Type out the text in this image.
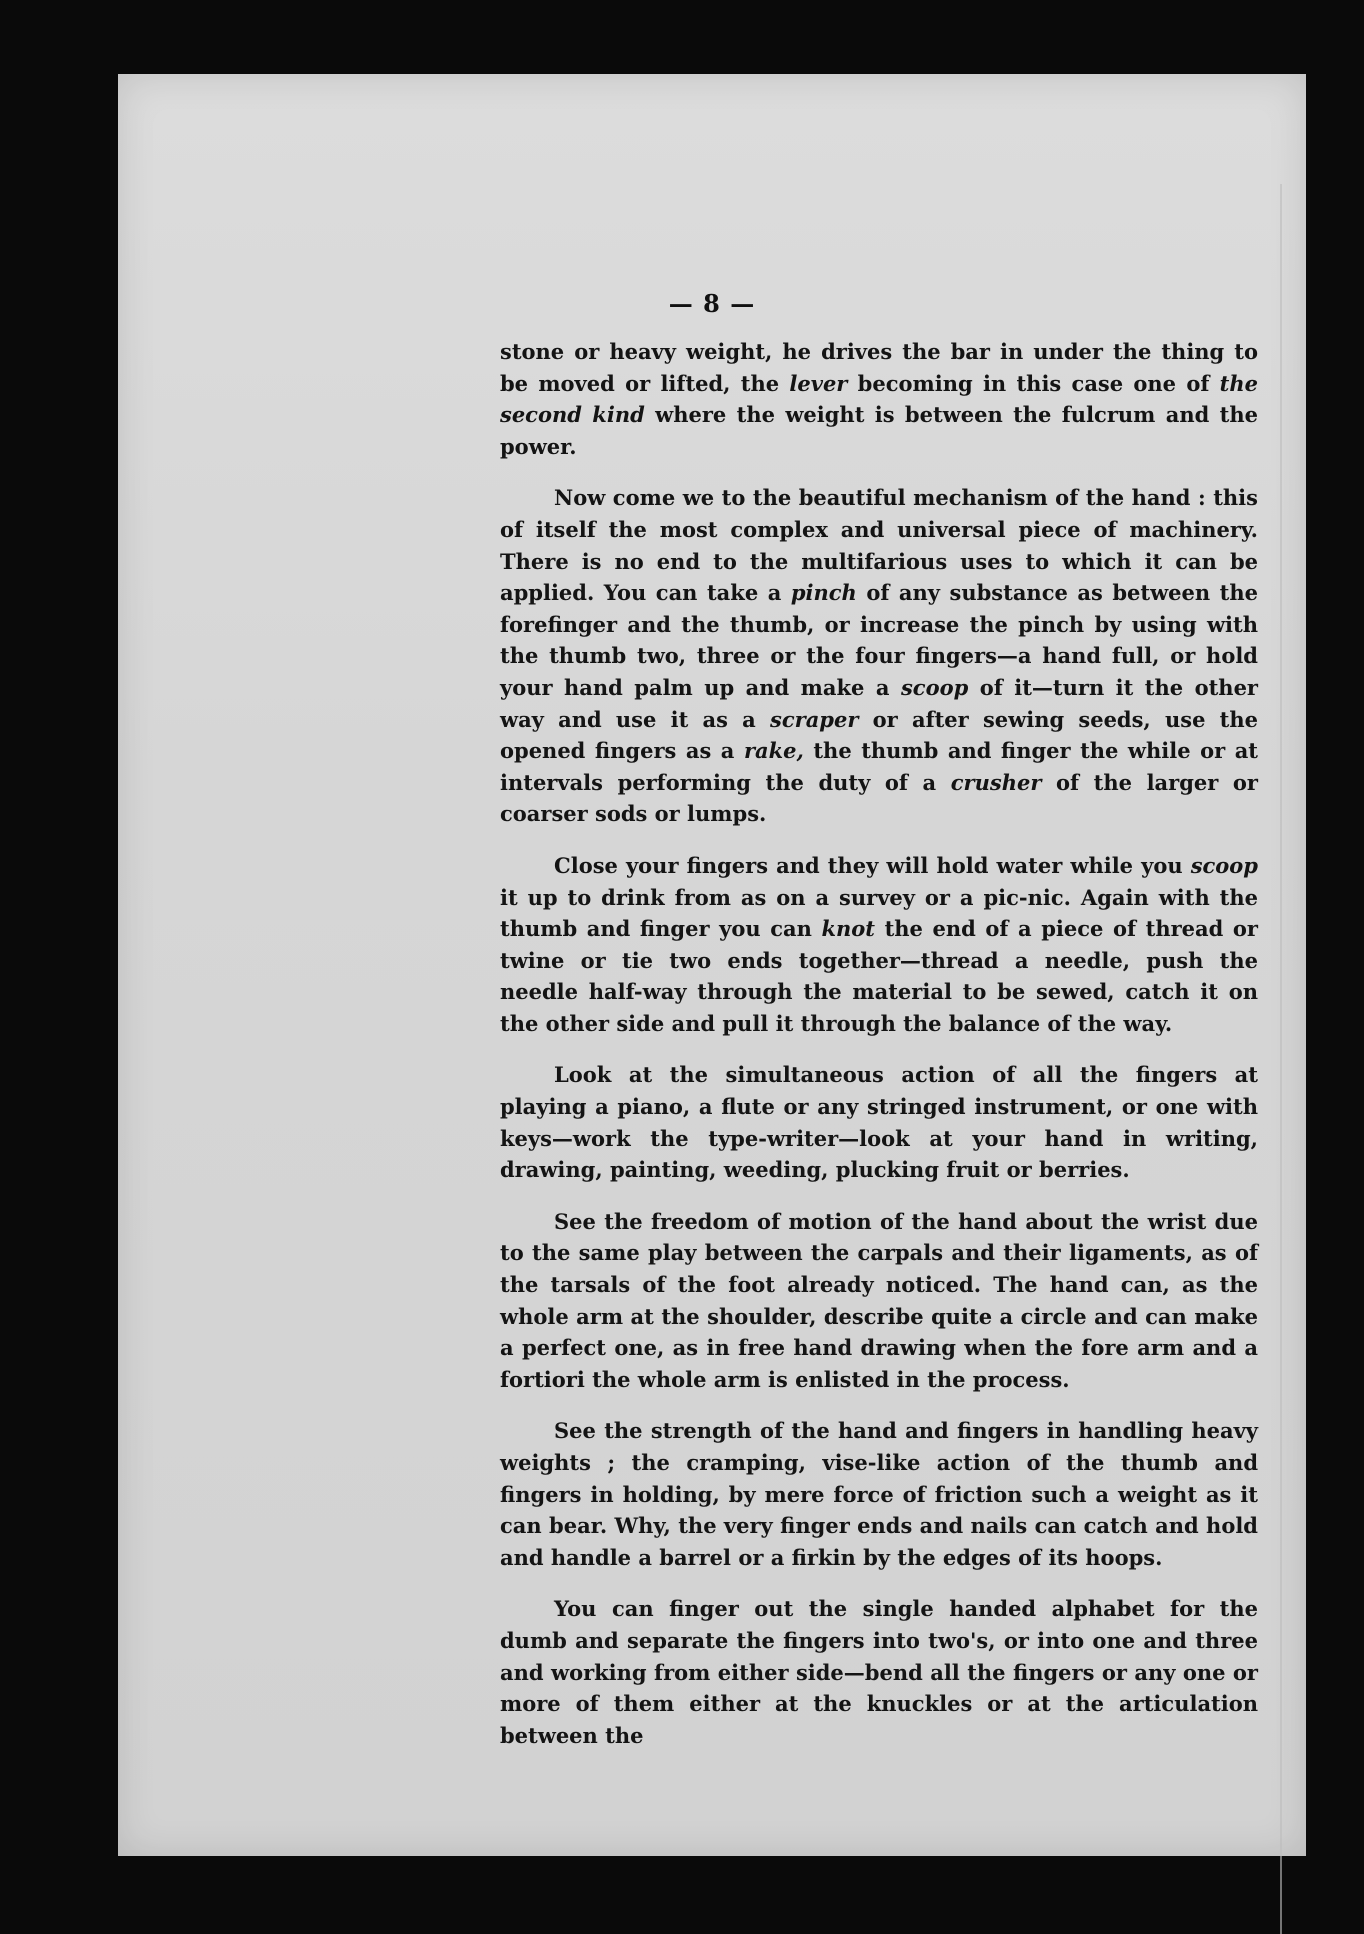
— 8 —

stone or heavy weight, he drives the bar in under the thing to be moved or lifted, the lever becoming in this case one of the second kind where the weight is between the fulcrum and the power.

Now come we to the beautiful mechanism of the hand : this of itself the most complex and universal piece of machinery. There is no end to the multifarious uses to which it can be applied. You can take a pinch of any substance as between the forefinger and the thumb, or increase the pinch by using with the thumb two, three or the four fingers—a hand full, or hold your hand palm up and make a scoop of it—turn it the other way and use it as a scraper or after sewing seeds, use the opened fingers as a rake, the thumb and finger the while or at intervals performing the duty of a crusher of the larger or coarser sods or lumps.

Close your fingers and they will hold water while you scoop it up to drink from as on a survey or a pic-nic. Again with the thumb and finger you can knot the end of a piece of thread or twine or tie two ends together—thread a needle, push the needle half-way through the material to be sewed, catch it on the other side and pull it through the balance of the way.

Look at the simultaneous action of all the fingers at playing a piano, a flute or any stringed instrument, or one with keys—work the type-writer—look at your hand in writing, drawing, painting, weeding, plucking fruit or berries.

See the freedom of motion of the hand about the wrist due to the same play between the carpals and their ligaments, as of the tarsals of the foot already noticed. The hand can, as the whole arm at the shoulder, describe quite a circle and can make a perfect one, as in free hand drawing when the fore arm and a fortiori the whole arm is enlisted in the process.

See the strength of the hand and fingers in handling heavy weights ; the cramping, vise-like action of the thumb and fingers in holding, by mere force of friction such a weight as it can bear. Why, the very finger ends and nails can catch and hold and handle a barrel or a firkin by the edges of its hoops.

You can finger out the single handed alphabet for the dumb and separate the fingers into two's, or into one and three and working from either side—bend all the fingers or any one or more of them either at the knuckles or at the articulation between the
